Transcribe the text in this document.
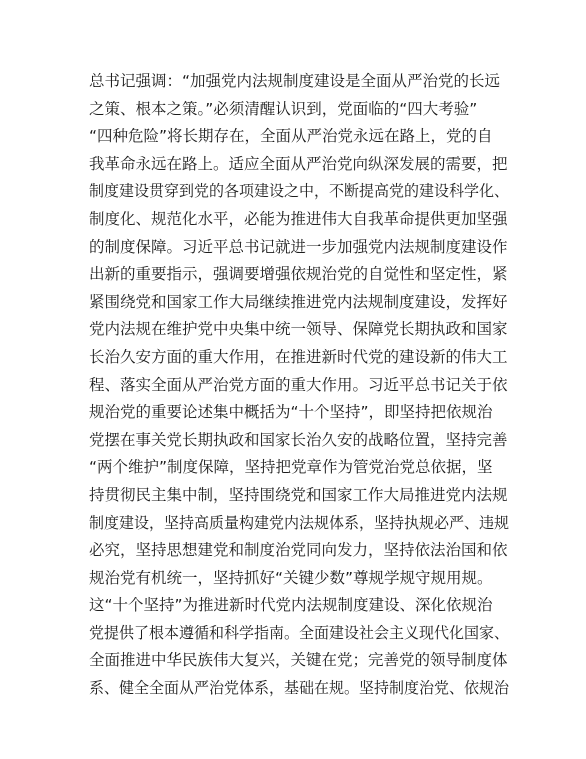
总书记强调：“加强党内法规制度建设是全面从严治党的长远
之策、根本之策。”必须清醒认识到，党面临的“四大考验”
“四种危险”将长期存在，全面从严治党永远在路上，党的自
我革命永远在路上。适应全面从严治党向纵深发展的需要，把
制度建设贯穿到党的各项建设之中，不断提高党的建设科学化、
制度化、规范化水平，必能为推进伟大自我革命提供更加坚强
的制度保障。习近平总书记就进一步加强党内法规制度建设作
出新的重要指示，强调要增强依规治党的自觉性和坚定性，紧
紧围绕党和国家工作大局继续推进党内法规制度建设，发挥好
党内法规在维护党中央集中统一领导、保障党长期执政和国家
长治久安方面的重大作用，在推进新时代党的建设新的伟大工
程、落实全面从严治党方面的重大作用。习近平总书记关于依
规治党的重要论述集中概括为“十个坚持”，即坚持把依规治
党摆在事关党长期执政和国家长治久安的战略位置，坚持完善
“两个维护”制度保障，坚持把党章作为管党治党总依据，坚
持贯彻民主集中制，坚持围绕党和国家工作大局推进党内法规
制度建设，坚持高质量构建党内法规体系，坚持执规必严、违规
必究，坚持思想建党和制度治党同向发力，坚持依法治国和依
规治党有机统一，坚持抓好“关键少数”尊规学规守规用规。
这“十个坚持”为推进新时代党内法规制度建设、深化依规治
党提供了根本遵循和科学指南。全面建设社会主义现代化国家、
全面推进中华民族伟大复兴，关键在党；完善党的领导制度体
系、健全全面从严治党体系，基础在规。坚持制度治党、依规治
